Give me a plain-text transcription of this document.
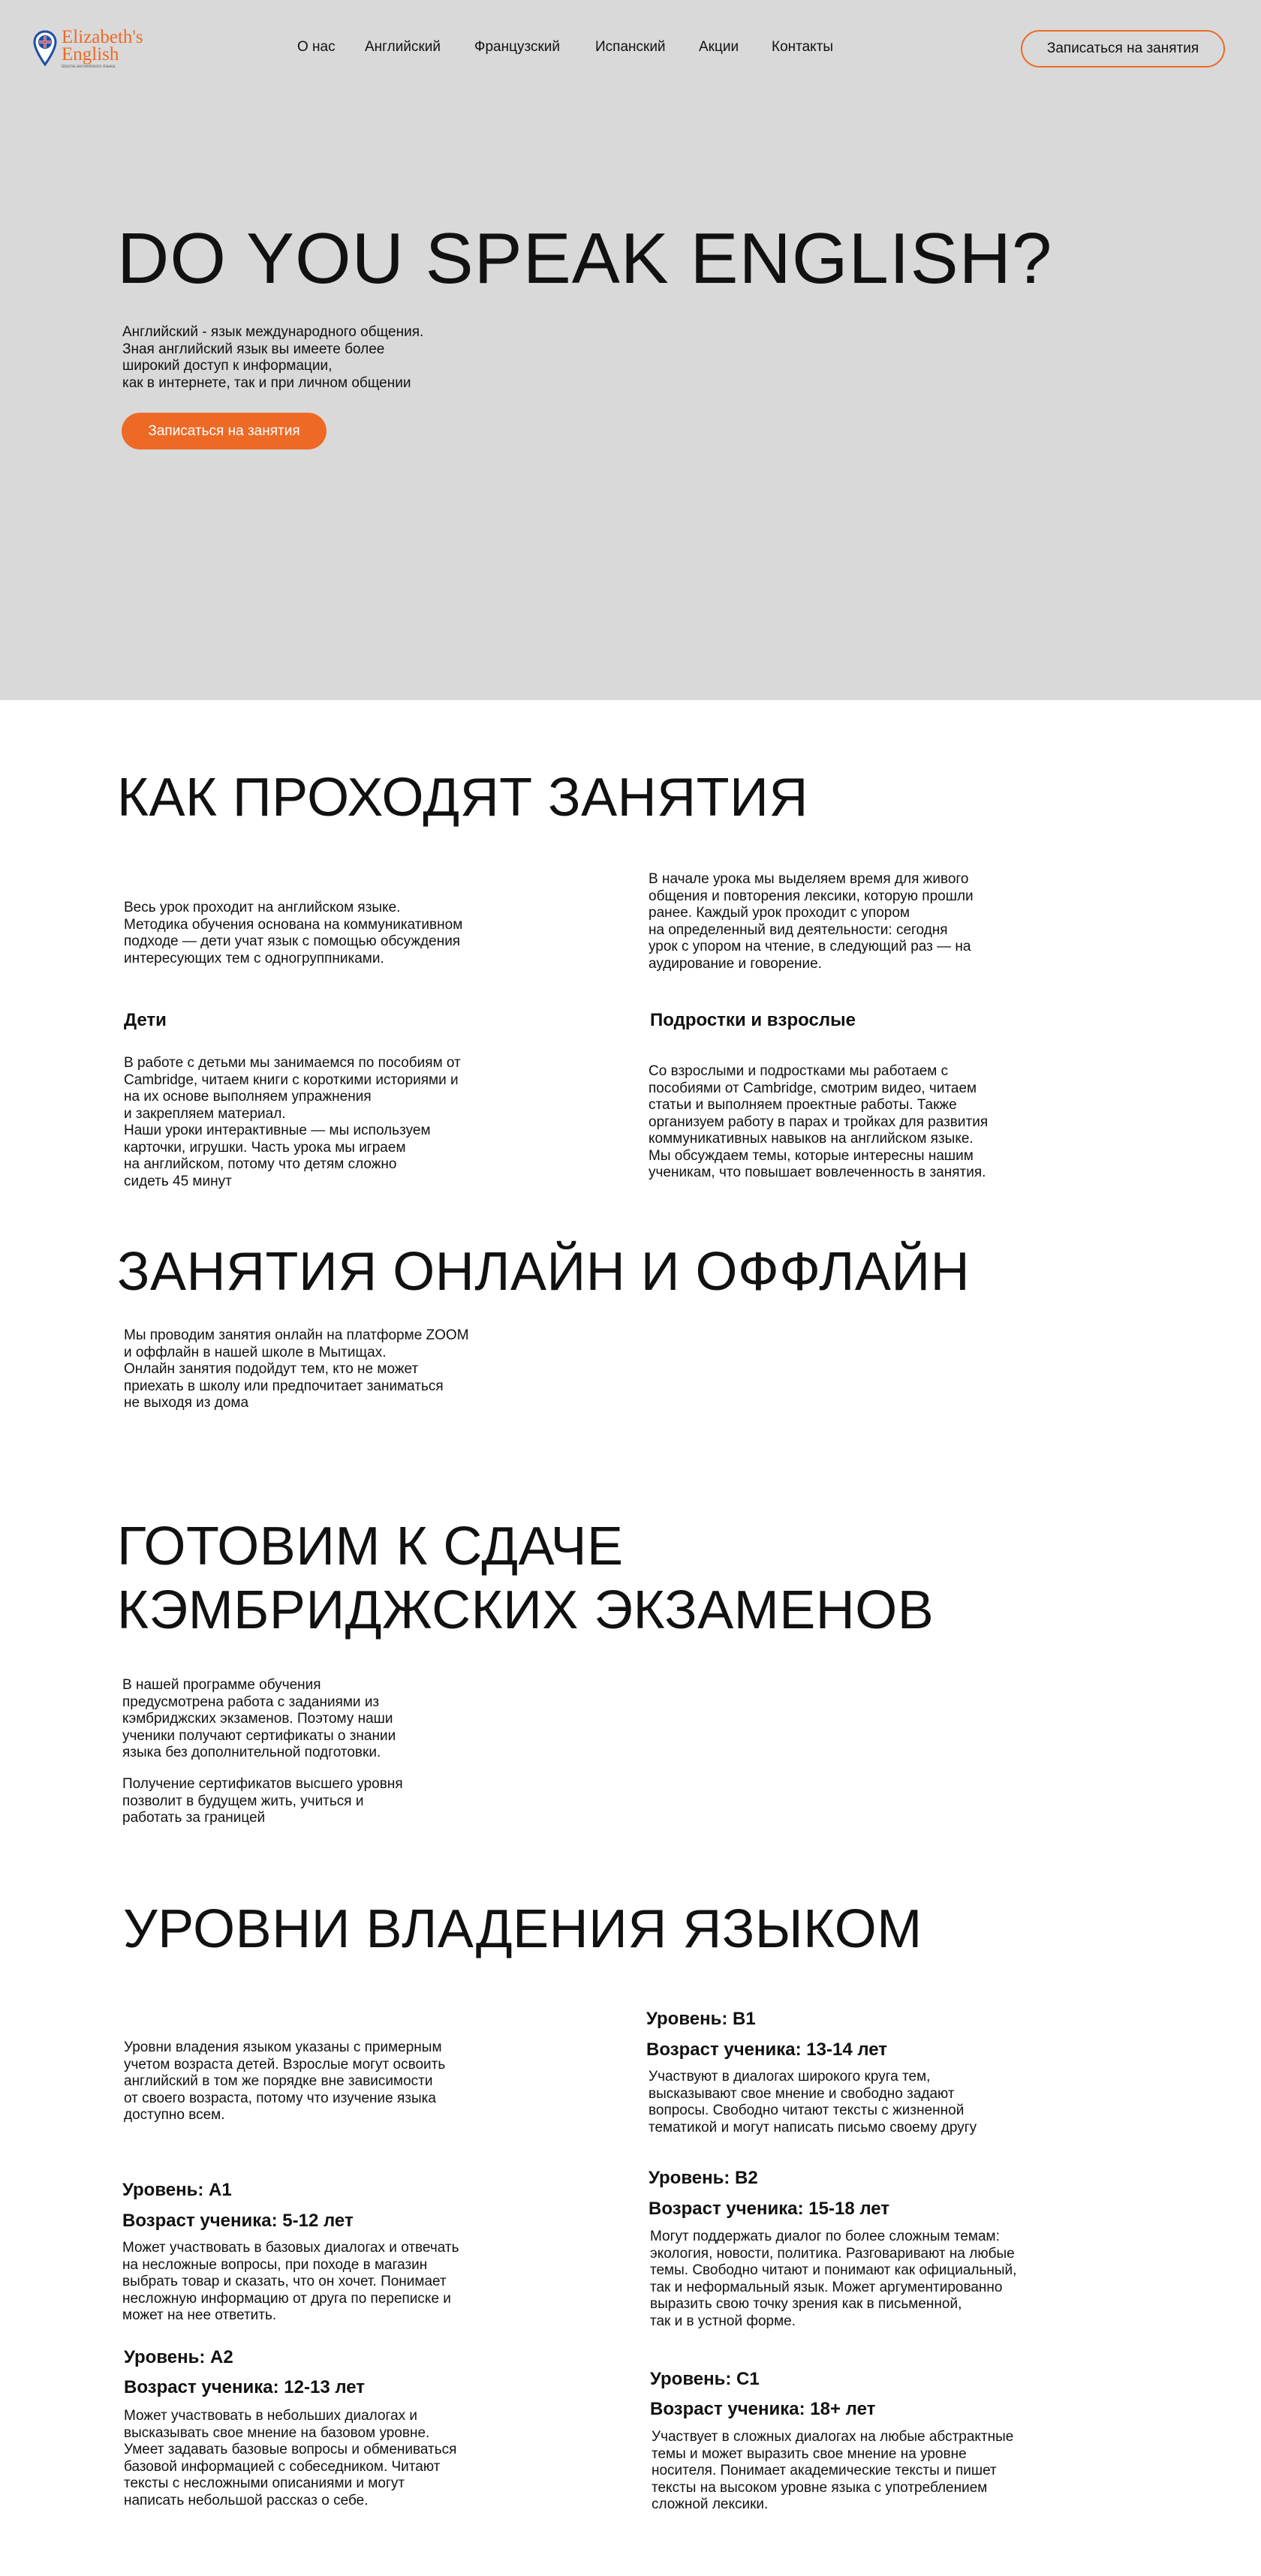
Elizabeth's
English
Школа английского языка
О нас Английский Французский Испанский Акции Контакты	Записаться на занятия
DO YOU SPEAK ENGLISH?

Английский - язык международного общения.
Зная английский язык вы имеете более
широкий доступ к информации,
как в интернете, так и при личном общении

Записаться на занятия
КАК ПРОХОДЯТ ЗАНЯТИЯ

Весь урок проходит на английском языке.
Методика обучения основана на коммуникативном
подходе — дети учат язык с помощью обсуждения
интересующих тем с одногруппниками.

В начале урока мы выделяем время для живого
общения и повторения лексики, которую прошли
ранее. Каждый урок проходит с упором
на определенный вид деятельности: сегодня
урок с упором на чтение, в следующий раз — на
аудирование и говорение.

Дети

В работе с детьми мы занимаемся по пособиям от
Cambridge, читаем книги с короткими историями и
на их основе выполняем упражнения
и закрепляем материал.
Наши уроки интерактивные — мы используем
карточки, игрушки. Часть урока мы играем
на английском, потому что детям сложно
сидеть 45 минут

Подростки и взрослые

Со взрослыми и подростками мы работаем с
пособиями от Cambridge, смотрим видео, читаем
статьи и выполняем проектные работы. Также
организуем работу в парах и тройках для развития
коммуникативных навыков на английском языке.
Мы обсуждаем темы, которые интересны нашим
ученикам, что повышает вовлеченность в занятия.

ЗАНЯТИЯ ОНЛАЙН И ОФФЛАЙН

Мы проводим занятия онлайн на платформе ZOOM
и оффлайн в нашей школе в Мытищах.
Онлайн занятия подойдут тем, кто не может
приехать в школу или предпочитает заниматься
не выходя из дома

ГОТОВИМ К СДАЧЕ
КЭМБРИДЖСКИХ ЭКЗАМЕНОВ

В нашей программе обучения
предусмотрена работа с заданиями из
кэмбриджских экзаменов. Поэтому наши
ученики получают сертификаты о знании
языка без дополнительной подготовки.

Получение сертификатов высшего уровня
позволит в будущем жить, учиться и
работать за границей

УРОВНИ ВЛАДЕНИЯ ЯЗЫКОМ

Уровни владения языком указаны с примерным
учетом возраста детей. Взрослые могут освоить
английский в том же порядке вне зависимости
от своего возраста, потому что изучение языка
доступно всем.

Уровень: A1
Возраст ученика: 5-12 лет

Может участвовать в базовых диалогах и отвечать
на несложные вопросы, при походе в магазин
выбрать товар и сказать, что он хочет. Понимает
несложную информацию от друга по переписке и
может на нее ответить.

Уровень: A2
Возраст ученика: 12-13 лет

Может участвовать в небольших диалогах и
высказывать свое мнение на базовом уровне.
Умеет задавать базовые вопросы и обмениваться
базовой информацией с собеседником. Читают
тексты с несложными описаниями и могут
написать небольшой рассказ о себе.

Уровень: B1
Возраст ученика: 13-14 лет

Участвуют в диалогах широкого круга тем,
высказывают свое мнение и свободно задают
вопросы. Свободно читают тексты с жизненной
тематикой и могут написать письмо своему другу

Уровень: B2
Возраст ученика: 15-18 лет

Могут поддержать диалог по более сложным темам:
экология, новости, политика. Разговаривают на любые
темы. Свободно читают и понимают как официальный,
так и неформальный язык. Может аргументированно
выразить свою точку зрения как в письменной,
так и в устной форме.

Уровень: C1
Возраст ученика: 18+ лет

Участвует в сложных диалогах на любые абстрактные
темы и может выразить свое мнение на уровне
носителя. Понимает академические тексты и пишет
тексты на высоком уровне языка с употреблением
сложной лексики.
